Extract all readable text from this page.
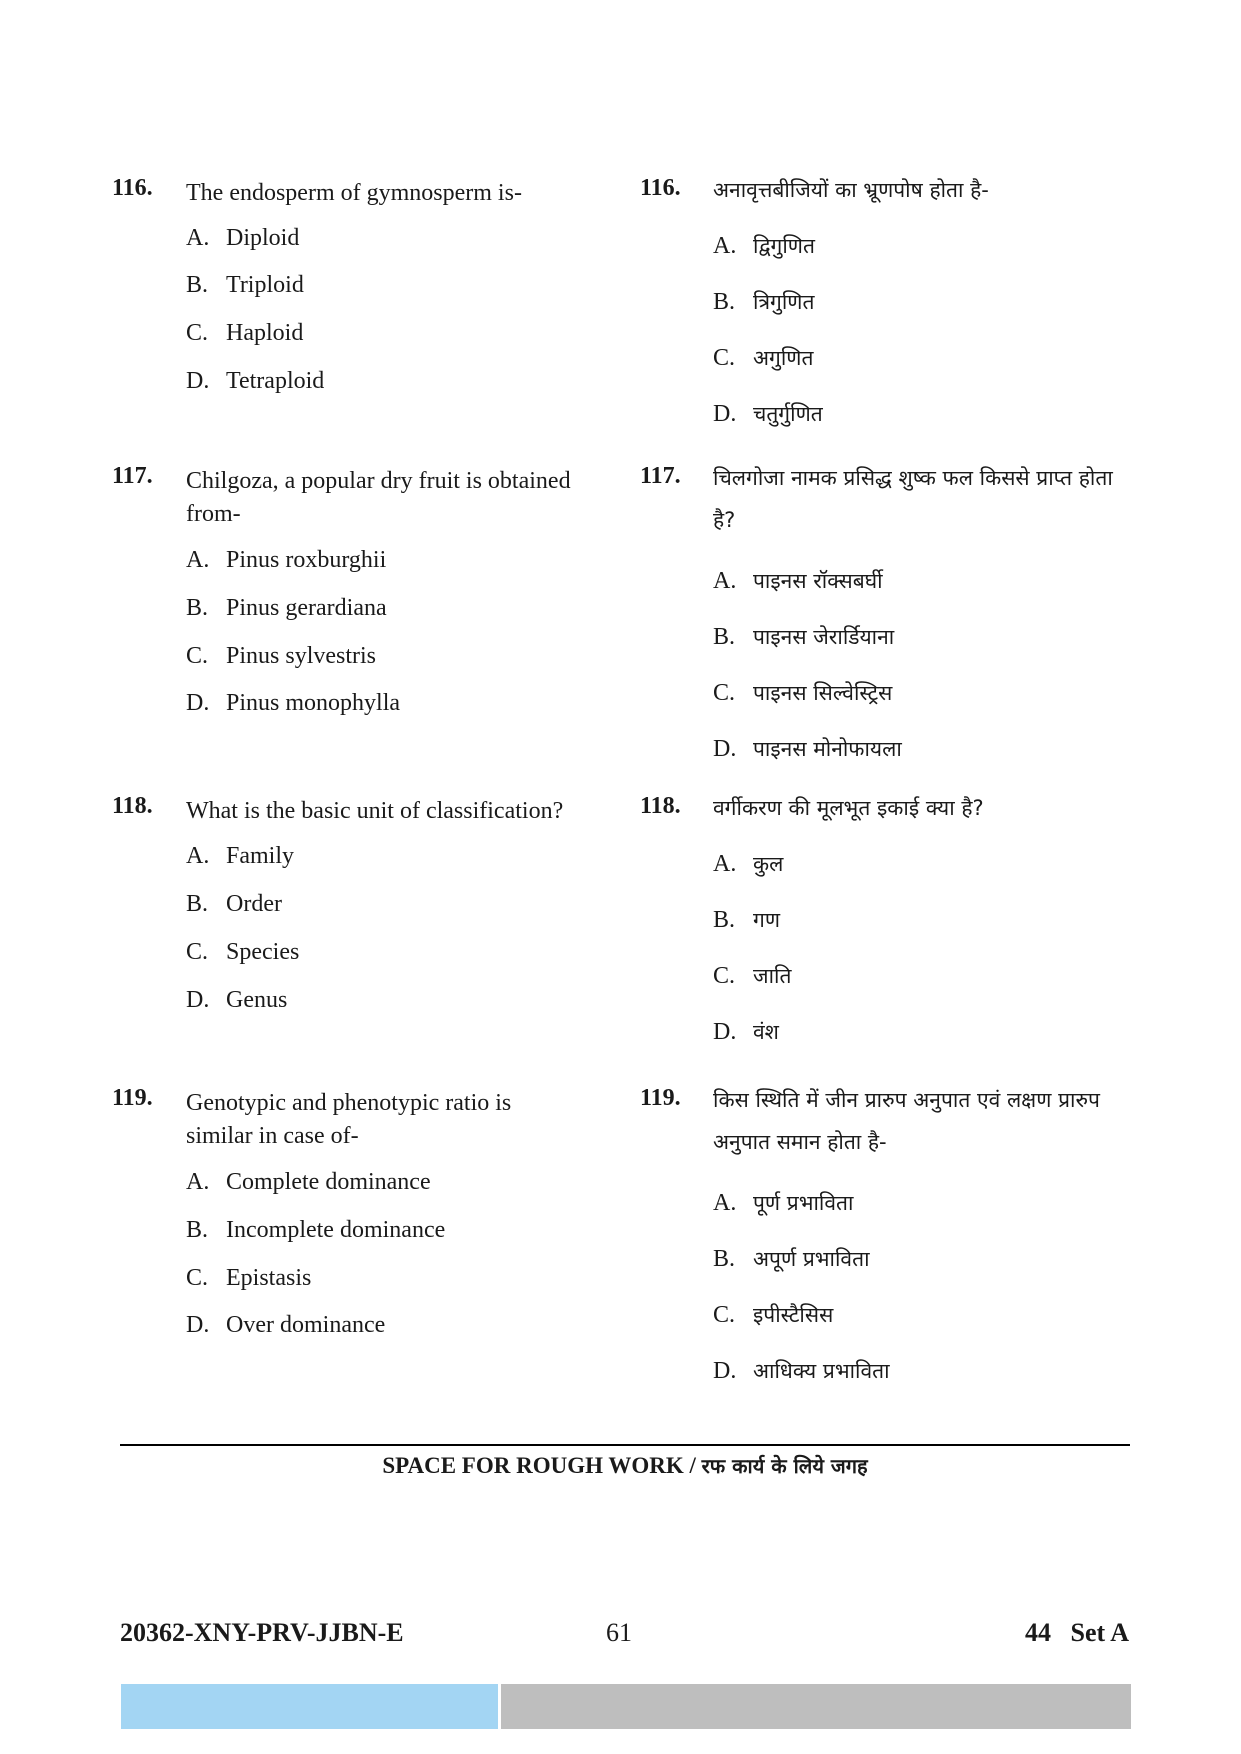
116. The endosperm of gymnosperm is-
A. Diploid
B. Triploid
C. Haploid
D. Tetraploid
116. अनावृत्तबीजियों का भ्रूणपोष होता है-
A. द्विगुणित
B. त्रिगुणित
C. अगुणित
D. चतुर्गुणित
117. Chilgoza, a popular dry fruit is obtained from-
A. Pinus roxburghii
B. Pinus gerardiana
C. Pinus sylvestris
D. Pinus monophylla
117. चिलगोजा नामक प्रसिद्ध शुष्क फल किससे प्राप्त होता है?
A. पाइनस रॉक्सबर्घी
B. पाइनस जेरार्डियाना
C. पाइनस सिल्वेस्ट्रिस
D. पाइनस मोनोफायला
118. What is the basic unit of classification?
A. Family
B. Order
C. Species
D. Genus
118. वर्गीकरण की मूलभूत इकाई क्या है?
A. कुल
B. गण
C. जाति
D. वंश
119. Genotypic and phenotypic ratio is similar in case of-
A. Complete dominance
B. Incomplete dominance
C. Epistasis
D. Over dominance
119. किस स्थिति में जीन प्रारुप अनुपात एवं लक्षण प्रारुप अनुपात समान होता है-
A. पूर्ण प्रभाविता
B. अपूर्ण प्रभाविता
C. इपीस्टैसिस
D. आधिक्य प्रभाविता
SPACE FOR ROUGH WORK / रफ कार्य के लिये जगह
20362-XNY-PRV-JJBN-E	61	44   Set A
